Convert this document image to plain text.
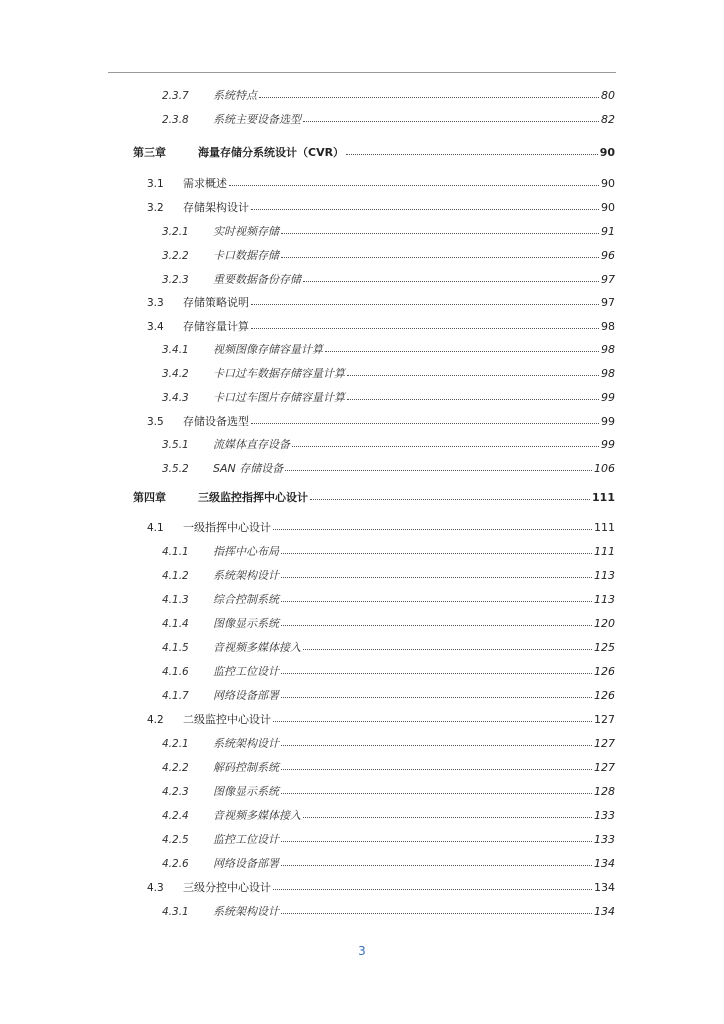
2.3.7 系统特点	80
2.3.8 系统主要设备选型	82
第三章	海量存储分系统设计（CVR）	90
3.1 需求概述	90
3.2 存储架构设计	90
3.2.1 实时视频存储	91
3.2.2 卡口数据存储	96
3.2.3 重要数据备份存储	97
3.3 存储策略说明	97
3.4 存储容量计算	98
3.4.1 视频图像存储容量计算	98
3.4.2 卡口过车数据存储容量计算	98
3.4.3 卡口过车图片存储容量计算	99
3.5 存储设备选型	99
3.5.1 流媒体直存设备	99
3.5.2 SAN 存储设备	106
第四章	三级监控指挥中心设计	111
4.1 一级指挥中心设计	111
4.1.1 指挥中心布局	111
4.1.2 系统架构设计	113
4.1.3 综合控制系统	113
4.1.4 图像显示系统	120
4.1.5 音视频多媒体接入	125
4.1.6 监控工位设计	126
4.1.7 网络设备部署	126
4.2 二级监控中心设计	127
4.2.1 系统架构设计	127
4.2.2 解码控制系统	127
4.2.3 图像显示系统	128
4.2.4 音视频多媒体接入	133
4.2.5 监控工位设计	133
4.2.6 网络设备部署	134
4.3 三级分控中心设计	134
4.3.1 系统架构设计	134
3
